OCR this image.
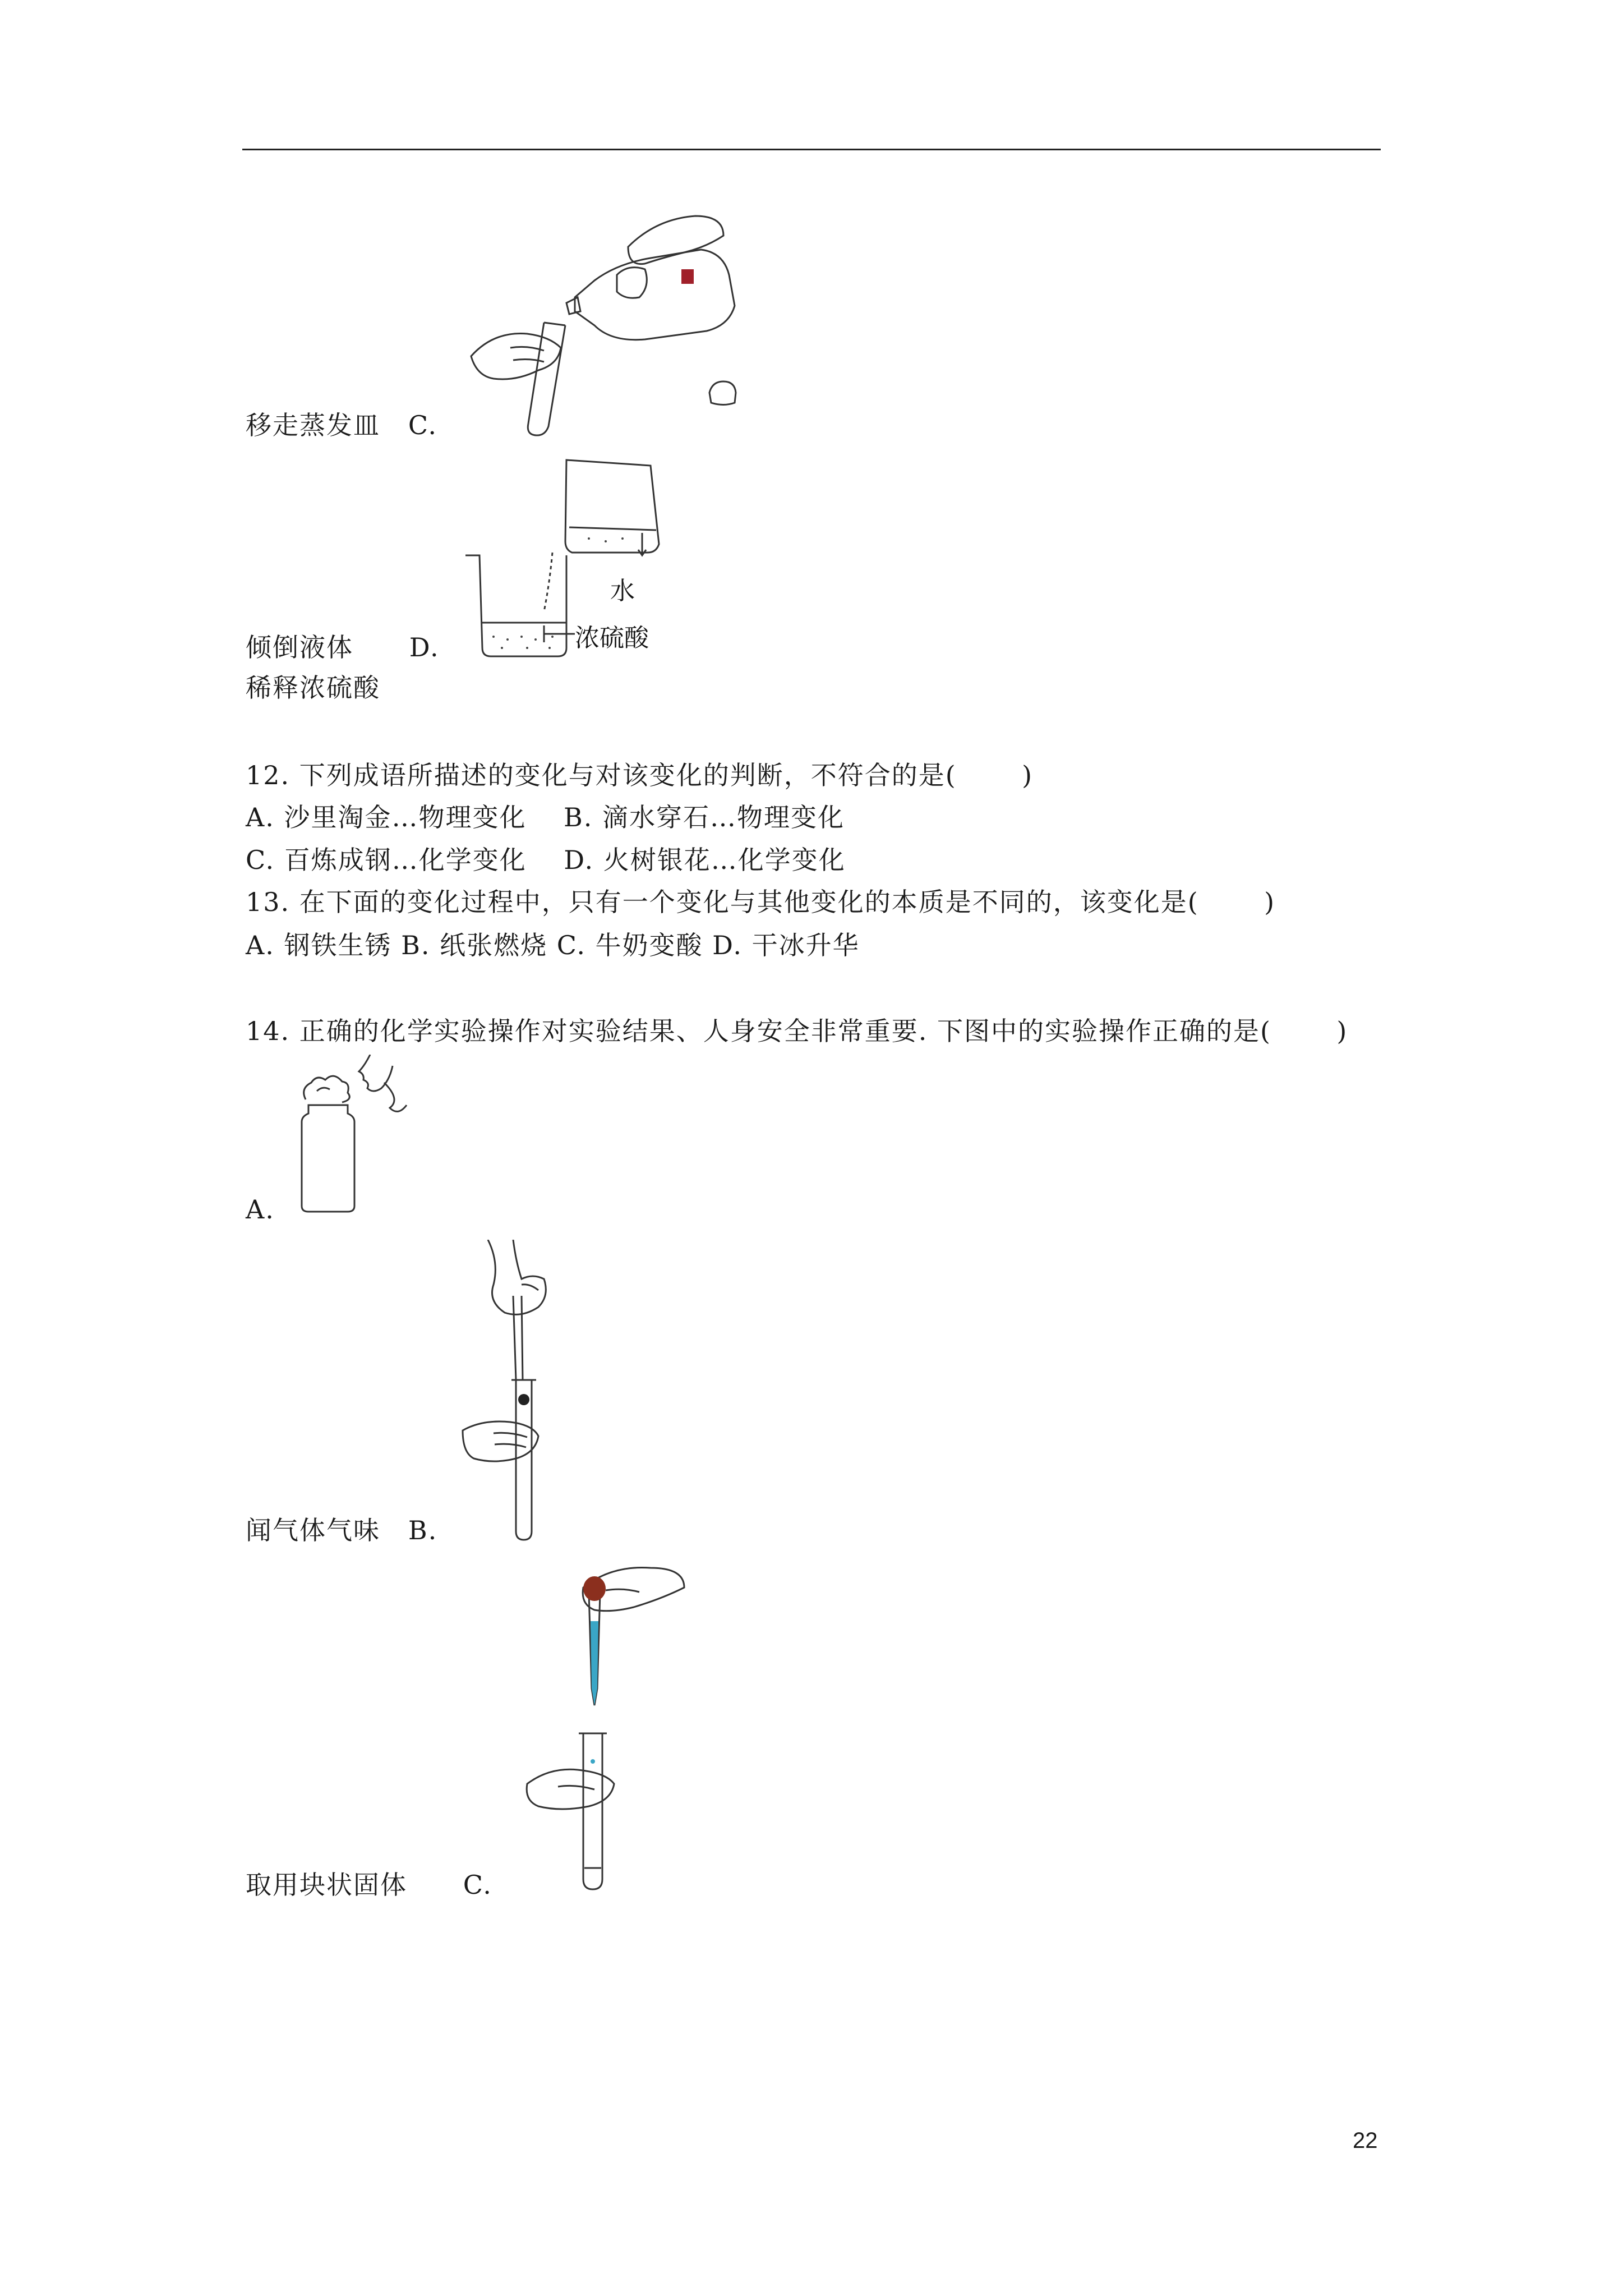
移走蒸发皿   C.
水
浓硫酸
倾倒液体      D.
稀释浓硫酸
12. 下列成语所描述的变化与对该变化的判断，不符合的是(       )
A. 沙里淘金…物理变化    B. 滴水穿石…物理变化
C. 百炼成钢…化学变化    D. 火树银花…化学变化
13. 在下面的变化过程中，只有一个变化与其他变化的本质是不同的，该变化是(       )
A. 钢铁生锈 B. 纸张燃烧 C. 牛奶变酸 D. 干冰升华
14. 正确的化学实验操作对实验结果、人身安全非常重要. 下图中的实验操作正确的是(       )
A.
闻气体气味   B.
取用块状固体      C.
22
